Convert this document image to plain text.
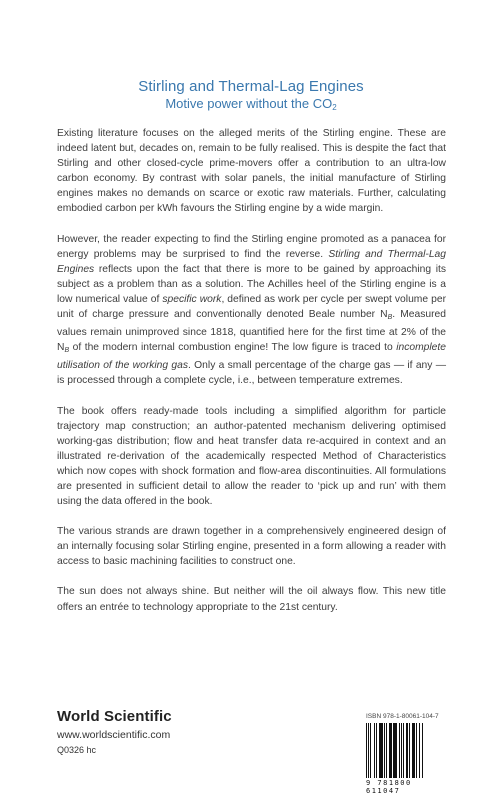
Stirling and Thermal-Lag Engines
Motive power without the $CO_2$

Existing literature focuses on the alleged merits of the Stirling engine. These are indeed latent but, decades on, remain to be fully realised. This is despite the fact that Stirling and other closed-cycle prime-movers offer a contribution to an ultra-low carbon economy. By contrast with solar panels, the initial manufacture of Stirling engines makes no demands on scarce or exotic raw materials. Further, calculating embodied carbon per kWh favours the Stirling engine by a wide margin.

However, the reader expecting to find the Stirling engine promoted as a panacea for energy problems may be surprised to find the reverse. Stirling and Thermal-Lag Engines reflects upon the fact that there is more to be gained by approaching its subject as a problem than as a solution. The Achilles heel of the Stirling engine is a low numerical value of specific work, defined as work per cycle per swept volume per unit of charge pressure and conventionally denoted Beale number $N_B$. Measured values remain unimproved since 1818, quantified here for the first time at 2% of the $N_B$ of the modern internal combustion engine! The low figure is traced to incomplete utilisation of the working gas. Only a small percentage of the charge gas — if any — is processed through a complete cycle, i.e., between temperature extremes.

The book offers ready-made tools including a simplified algorithm for particle trajectory map construction; an author-patented mechanism delivering optimised working-gas distribution; flow and heat transfer data re-acquired in context and an illustrated re-derivation of the academically respected Method of Characteristics which now copes with shock formation and flow-area discontinuities. All formulations are presented in sufficient detail to allow the reader to ‘pick up and run’ with them using the data offered in the book.

The various strands are drawn together in a comprehensively engineered design of an internally focusing solar Stirling engine, presented in a form allowing a reader with access to basic machining facilities to construct one.

The sun does not always shine. But neither will the oil always flow. This new title offers an entrée to technology appropriate to the 21st century.

World Scientific
www.worldscientific.com
Q0326 hc
ISBN 978-1-80061-104-7
9 781800 611047
